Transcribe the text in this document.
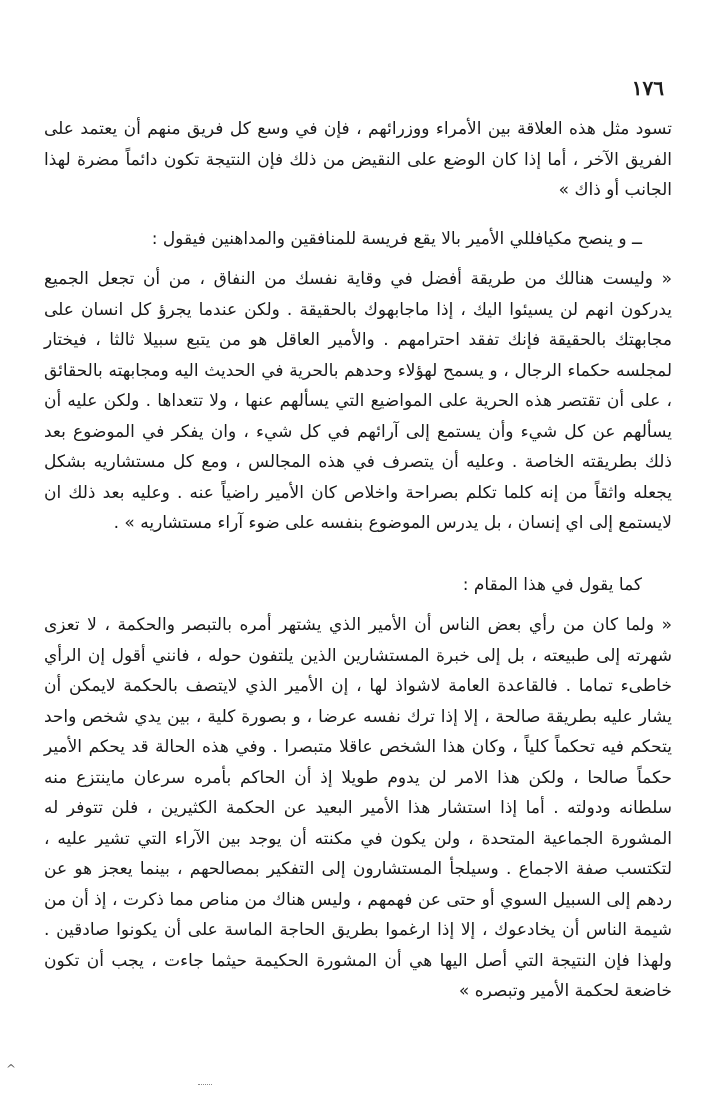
١٧٦

تسود مثل هذه العلاقة بين الأمراء ووزرائهم ، فإن في وسع كل فريق منهم أن يعتمد على الفريق الآخر ، أما إذا كان الوضع على النقيض من ذلك فإن النتيجة تكون دائماً مضرة لهذا الجانب أو ذاك »

ــ و ينصح مكيافللي الأمير بالا يقع فريسة للمنافقين والمداهنين فيقول :

« وليست هنالك من طريقة أفضل في وقاية نفسك من النفاق ، من أن تجعل الجميع يدركون انهم لن يسيئوا اليك ، إذا ماجابهوك بالحقيقة . ولكن عندما يجرؤ كل انسان على مجابهتك بالحقيقة فإنك تفقد احترامهم . والأمير العاقل هو من يتبع سبيلا ثالثا ، فيختار لمجلسه حكماء الرجال ، و يسمح لهؤلاء وحدهم بالحرية في الحديث اليه ومجابهته بالحقائق ، على أن تقتصر هذه الحرية على المواضيع التي يسألهم عنها ، ولا تتعداها . ولكن عليه أن يسألهم عن كل شيء وأن يستمع إلى آرائهم في كل شيء ، وان يفكر في الموضوع بعد ذلك بطريقته الخاصة . وعليه أن يتصرف في هذه المجالس ، ومع كل مستشاريه بشكل يجعله واثقاً من إنه كلما تكلم بصراحة واخلاص كان الأمير راضياً عنه . وعليه بعد ذلك ان لايستمع إلى اي إنسان ، بل يدرس الموضوع بنفسه على ضوء آراء مستشاريه » .

كما يقول في هذا المقام :

« ولما كان من رأي بعض الناس أن الأمير الذي يشتهر أمره بالتبصر والحكمة ، لا تعزى شهرته إلى طبيعته ، بل إلى خبرة المستشارين الذين يلتفون حوله ، فانني أقول إن الرأي خاطىء تماما . فالقاعدة العامة لاشواذ لها ، إن الأمير الذي لايتصف بالحكمة لايمكن أن يشار عليه بطريقة صالحة ، إلا إذا ترك نفسه عرضا ، و بصورة كلية ، بين يدي شخص واحد يتحكم فيه تحكماً كلياً ، وكان هذا الشخص عاقلا متبصرا . وفي هذه الحالة قد يحكم الأمير حكماً صالحا ، ولكن هذا الامر لن يدوم طويلا إذ أن الحاكم بأمره سرعان ماينتزع منه سلطانه ودولته . أما إذا استشار هذا الأمير البعيد عن الحكمة الكثيرين ، فلن تتوفر له المشورة الجماعية المتحدة ، ولن يكون في مكنته أن يوجد بين الآراء التي تشير عليه ، لتكتسب صفة الاجماع . وسيلجأ المستشارون إلى التفكير بمصالحهم ، بينما يعجز هو عن ردهم إلى السبيل السوي أو حتى عن فهمهم ، وليس هناك من مناص مما ذكرت ، إذ أن من شيمة الناس أن يخادعوك ، إلا إذا ارغموا بطريق الحاجة الماسة على أن يكونوا صادقين . ولهذا فإن النتيجة التي أصل اليها هي أن المشورة الحكيمة حيثما جاءت ، يجب أن تكون خاضعة لحكمة الأمير وتبصره »

^
